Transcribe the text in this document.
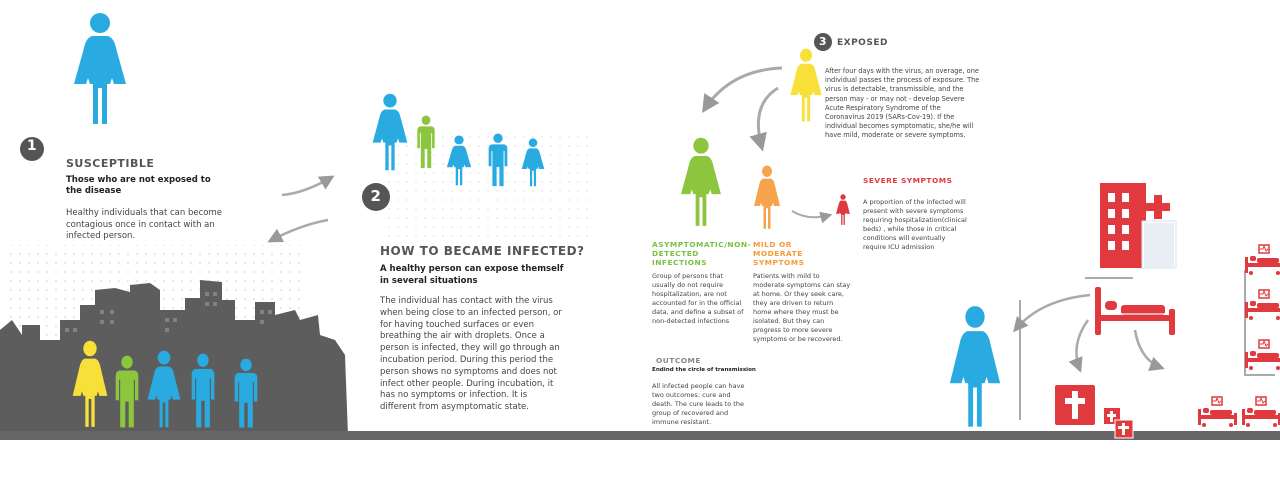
1
SUSCEPTIBLE
Those who are not exposed to the disease
Healthy individuals that can become contagious once in contact with an infected person.
2
HOW TO BECAME INFECTED?
A healthy person can expose themself in several situations
The individual has contact with the virus when being close to an infected person, or for having touched surfaces or even breathing the air with droplets. Once a person is infected, they will go through an incubation period. During this period the person shows no symptoms and does not infect other people. During incubation, it has no symptoms or infection. It is different from asymptomatic state.
3	EXPOSED
After four days with the virus, an overage, one individual passes the process of exposure. The virus is detectable, transmissible, and the person may - or may not - develop Severe Acute Respiratory Syndrome of the Coronavirus 2019 (SARs-Cov-19). If the individual becomes symptomatic, she/he will have mild, moderate or severe symptoms.
ASYMPTOMATIC/NON-DETECTED INFECTIONS
Group of persons that usually do not require hospitalization, are not accounted for in the official data, and define a subset of non-detected infections
MILD OR MODERATE SYMPTOMS
Patients with mild to moderate symptoms can stay at home. Or they seek care, they are driven to return home where they must be isolated. But they can progress to more severe symptoms or be recovered.
SEVERE SYMPTOMS
A proportion of the infected will present with severe symptoms requiring hospitalization(clinical beds) , while those in critical conditions will eventually require ICU admission
OUTCOME
Endind the circle of transmission
All infected people can have two outcomes: cure and death. The cure leads to the group of recovered and immune resistant.
